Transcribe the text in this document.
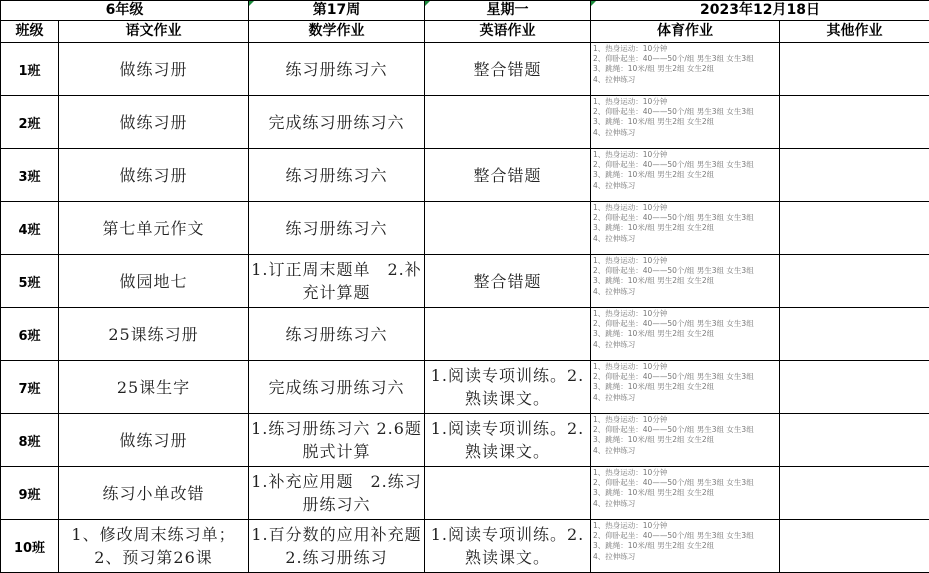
6年级		第17周	星期一	2023年12月18日	
班级	语文作业	数学作业	英语作业	体育作业	其他作业
1班	做练习册	练习册练习六	整合错题	1、热身运动：10分钟
2、仰卧起坐：40——50个/组 男生3组 女生3组
3、跳绳：10米/组 男生2组 女生2组
4、拉伸练习	

2班	做练习册	完成练习册练习六		1、热身运动：10分钟
2、仰卧起坐：40——50个/组 男生3组 女生3组
3、跳绳：10米/组 男生2组 女生2组
4、拉伸练习	

3班	做练习册	练习册练习六	整合错题	1、热身运动：10分钟
2、仰卧起坐：40——50个/组 男生3组 女生3组
3、跳绳：10米/组 男生2组 女生2组
4、拉伸练习	

4班	第七单元作文	练习册练习六		1、热身运动：10分钟
2、仰卧起坐：40——50个/组 男生3组 女生3组
3、跳绳：10米/组 男生2组 女生2组
4、拉伸练习	

5班	做园地七	1.订正周末题单　2.补充计算题	整合错题	1、热身运动：10分钟
2、仰卧起坐：40——50个/组 男生3组 女生3组
3、跳绳：10米/组 男生2组 女生2组
4、拉伸练习	

6班	25课练习册	练习册练习六		1、热身运动：10分钟
2、仰卧起坐：40——50个/组 男生3组 女生3组
3、跳绳：10米/组 男生2组 女生2组
4、拉伸练习	

7班	25课生字	完成练习册练习六	1.阅读专项训练。2.熟读课文。	1、热身运动：10分钟
2、仰卧起坐：40——50个/组 男生3组 女生3组
3、跳绳：10米/组 男生2组 女生2组
4、拉伸练习	

8班	做练习册	1.练习册练习六 2.6题脱式计算	1.阅读专项训练。2.熟读课文。	1、热身运动：10分钟
2、仰卧起坐：40——50个/组 男生3组 女生3组
3、跳绳：10米/组 男生2组 女生2组
4、拉伸练习	

9班	练习小单改错	1.补充应用题　2.练习册练习六		1、热身运动：10分钟
2、仰卧起坐：40——50个/组 男生3组 女生3组
3、跳绳：10米/组 男生2组 女生2组
4、拉伸练习	

10班	1、修改周末练习单；2、预习第26课	1.百分数的应用补充题　2.练习册练习	1.阅读专项训练。2.熟读课文。	1、热身运动：10分钟
2、仰卧起坐：40——50个/组 男生3组 女生3组
3、跳绳：10米/组 男生2组 女生2组
4、拉伸练习	
